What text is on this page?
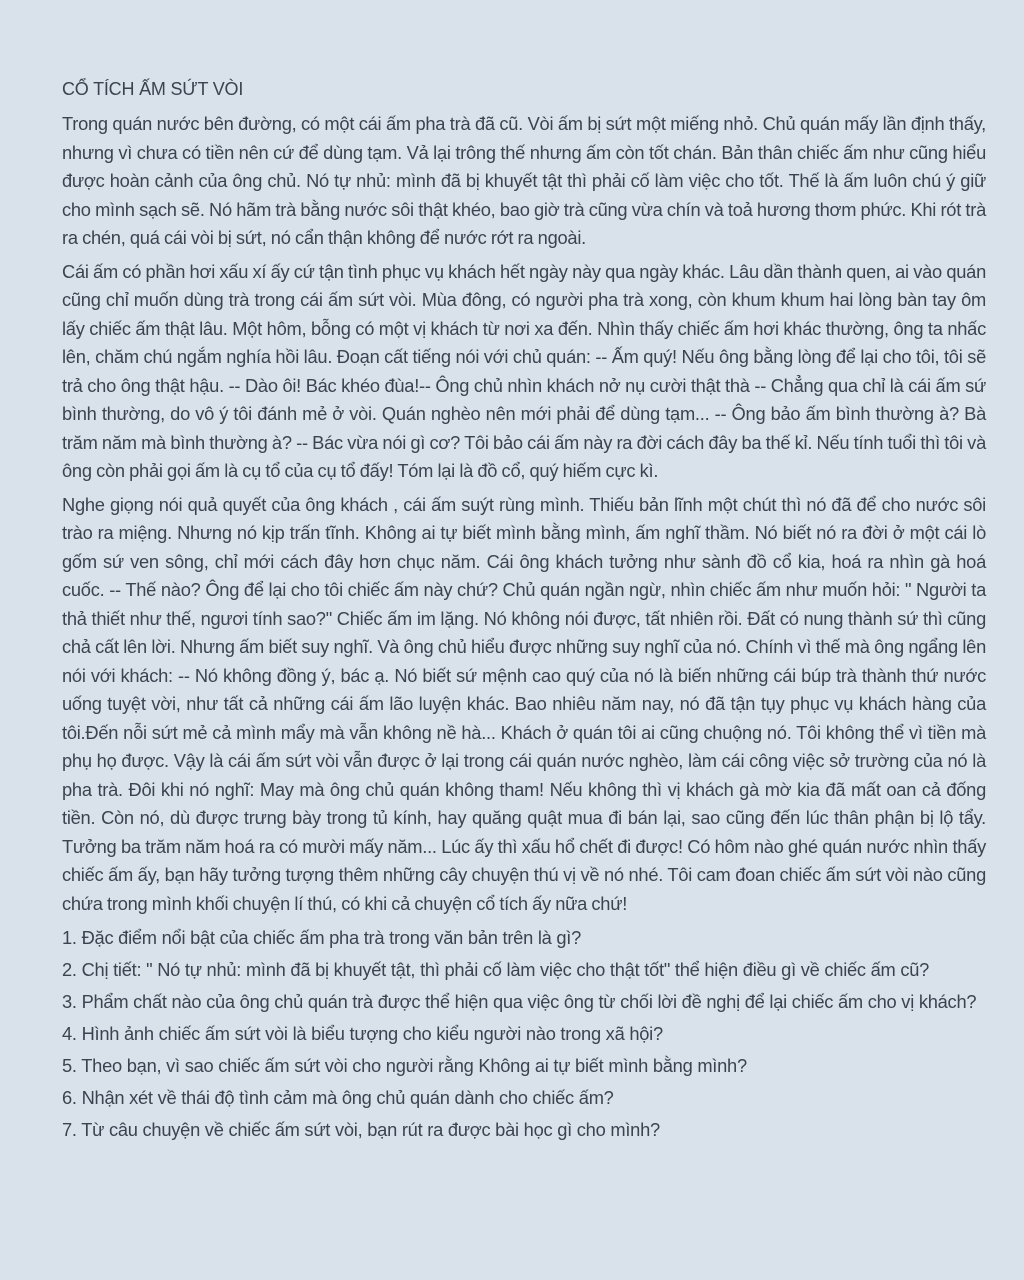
CỔ TÍCH ẤM SỨT VÒI

Trong quán nước bên đường, có một cái ấm pha trà đã cũ. Vòi ấm bị sứt một miếng nhỏ. Chủ quán mấy lần định thấy, nhưng vì chưa có tiền nên cứ để dùng tạm. Vả lại trông thế nhưng ấm còn tốt chán. Bản thân chiếc ấm như cũng hiểu được hoàn cảnh của ông chủ. Nó tự nhủ: mình đã bị khuyết tật thì phải cố làm việc cho tốt. Thế là ấm luôn chú ý giữ cho mình sạch sẽ. Nó hãm trà bằng nước sôi thật khéo, bao giờ trà cũng vừa chín và toả hương thơm phức. Khi rót trà ra chén, quá cái vòi bị sứt, nó cẩn thận không để nước rớt ra ngoài.

Cái ấm có phần hơi xấu xí ấy cứ tận tình phục vụ khách hết ngày này qua ngày khác. Lâu dần thành quen, ai vào quán cũng chỉ muốn dùng trà trong cái ấm sứt vòi. Mùa đông, có người pha trà xong, còn khum khum hai lòng bàn tay ôm lấy chiếc ấm thật lâu. Một hôm, bỗng có một vị khách từ nơi xa đến. Nhìn thấy chiếc ấm hơi khác thường, ông ta nhấc lên, chăm chú ngắm nghía hồi lâu. Đoạn cất tiếng nói với chủ quán: -- Ấm quý! Nếu ông bằng lòng để lại cho tôi, tôi sẽ trả cho ông thật hậu. -- Dào ôi! Bác khéo đùa!-- Ông chủ nhìn khách nở nụ cười thật thà -- Chẳng qua chỉ là cái ấm sứ bình thường, do vô ý tôi đánh mẻ ở vòi. Quán nghèo nên mới phải để dùng tạm... -- Ông bảo ấm bình thường à? Bà trăm năm mà bình thường à? -- Bác vừa nói gì cơ? Tôi bảo cái ấm này ra đời cách đây ba thế kỉ. Nếu tính tuổi thì tôi và ông còn phải gọi ấm là cụ tổ của cụ tổ đấy! Tóm lại là đồ cổ, quý hiếm cực kì.

Nghe giọng nói quả quyết của ông khách , cái ấm suýt rùng mình. Thiếu bản lĩnh một chút thì nó đã để cho nước sôi trào ra miệng. Nhưng nó kịp trấn tĩnh. Không ai tự biết mình bằng mình, ấm nghĩ thầm. Nó biết nó ra đời ở một cái lò gốm sứ ven sông, chỉ mới cách đây hơn chục năm. Cái ông khách tưởng như sành đồ cổ kia, hoá ra nhìn gà hoá cuốc. -- Thế nào? Ông để lại cho tôi chiếc ấm này chứ? Chủ quán ngần ngừ, nhìn chiếc ấm như muốn hỏi: " Người ta thả thiết như thế, ngươi tính sao?" Chiếc ấm im lặng. Nó không nói được, tất nhiên rồi. Đất có nung thành sứ thì cũng chả cất lên lời. Nhưng ấm biết suy nghĩ. Và ông chủ hiểu được những suy nghĩ của nó. Chính vì thế mà ông ngẩng lên nói với khách: -- Nó không đồng ý, bác ạ. Nó biết sứ mệnh cao quý của nó là biến những cái búp trà thành thứ nước uống tuyệt vời, như tất cả những cái ấm lão luyện khác. Bao nhiêu năm nay, nó đã tận tụy phục vụ khách hàng của tôi.Đến nỗi sứt mẻ cả mình mẩy mà vẫn không nề hà... Khách ở quán tôi ai cũng chuộng nó. Tôi không thể vì tiền mà phụ họ được. Vậy là cái ấm sứt vòi vẫn được ở lại trong cái quán nước nghèo, làm cái công việc sở trường của nó là pha trà. Đôi khi nó nghĩ: May mà ông chủ quán không tham! Nếu không thì vị khách gà mờ kia đã mất oan cả đống tiền. Còn nó, dù được trưng bày trong tủ kính, hay quăng quật mua đi bán lại, sao cũng đến lúc thân phận bị lộ tẩy. Tưởng ba trăm năm hoá ra có mười mấy năm... Lúc ấy thì xấu hổ chết đi được! Có hôm nào ghé quán nước nhìn thấy chiếc ấm ấy, bạn hãy tưởng tượng thêm những cây chuyện thú vị về nó nhé. Tôi cam đoan chiếc ấm sứt vòi nào cũng chứa trong mình khối chuyện lí thú, có khi cả chuyện cổ tích ấy nữa chứ!

1. Đặc điểm nổi bật của chiếc ấm pha trà trong văn bản trên là gì?
2. Chị tiết: " Nó tự nhủ: mình đã bị khuyết tật, thì phải cố làm việc cho thật tốt" thể hiện điều gì về chiếc ấm cũ?
3. Phẩm chất nào của ông chủ quán trà được thể hiện qua việc ông từ chối lời đề nghị để lại chiếc ấm cho vị khách?
4. Hình ảnh chiếc ấm sứt vòi là biểu tượng cho kiểu người nào trong xã hội?
5. Theo bạn, vì sao chiếc ấm sứt vòi cho người rằng Không ai tự biết mình bằng mình?
6. Nhận xét về thái độ tình cảm mà ông chủ quán dành cho chiếc ấm?
7. Từ câu chuyện về chiếc ấm sứt vòi, bạn rút ra được bài học gì cho mình?
